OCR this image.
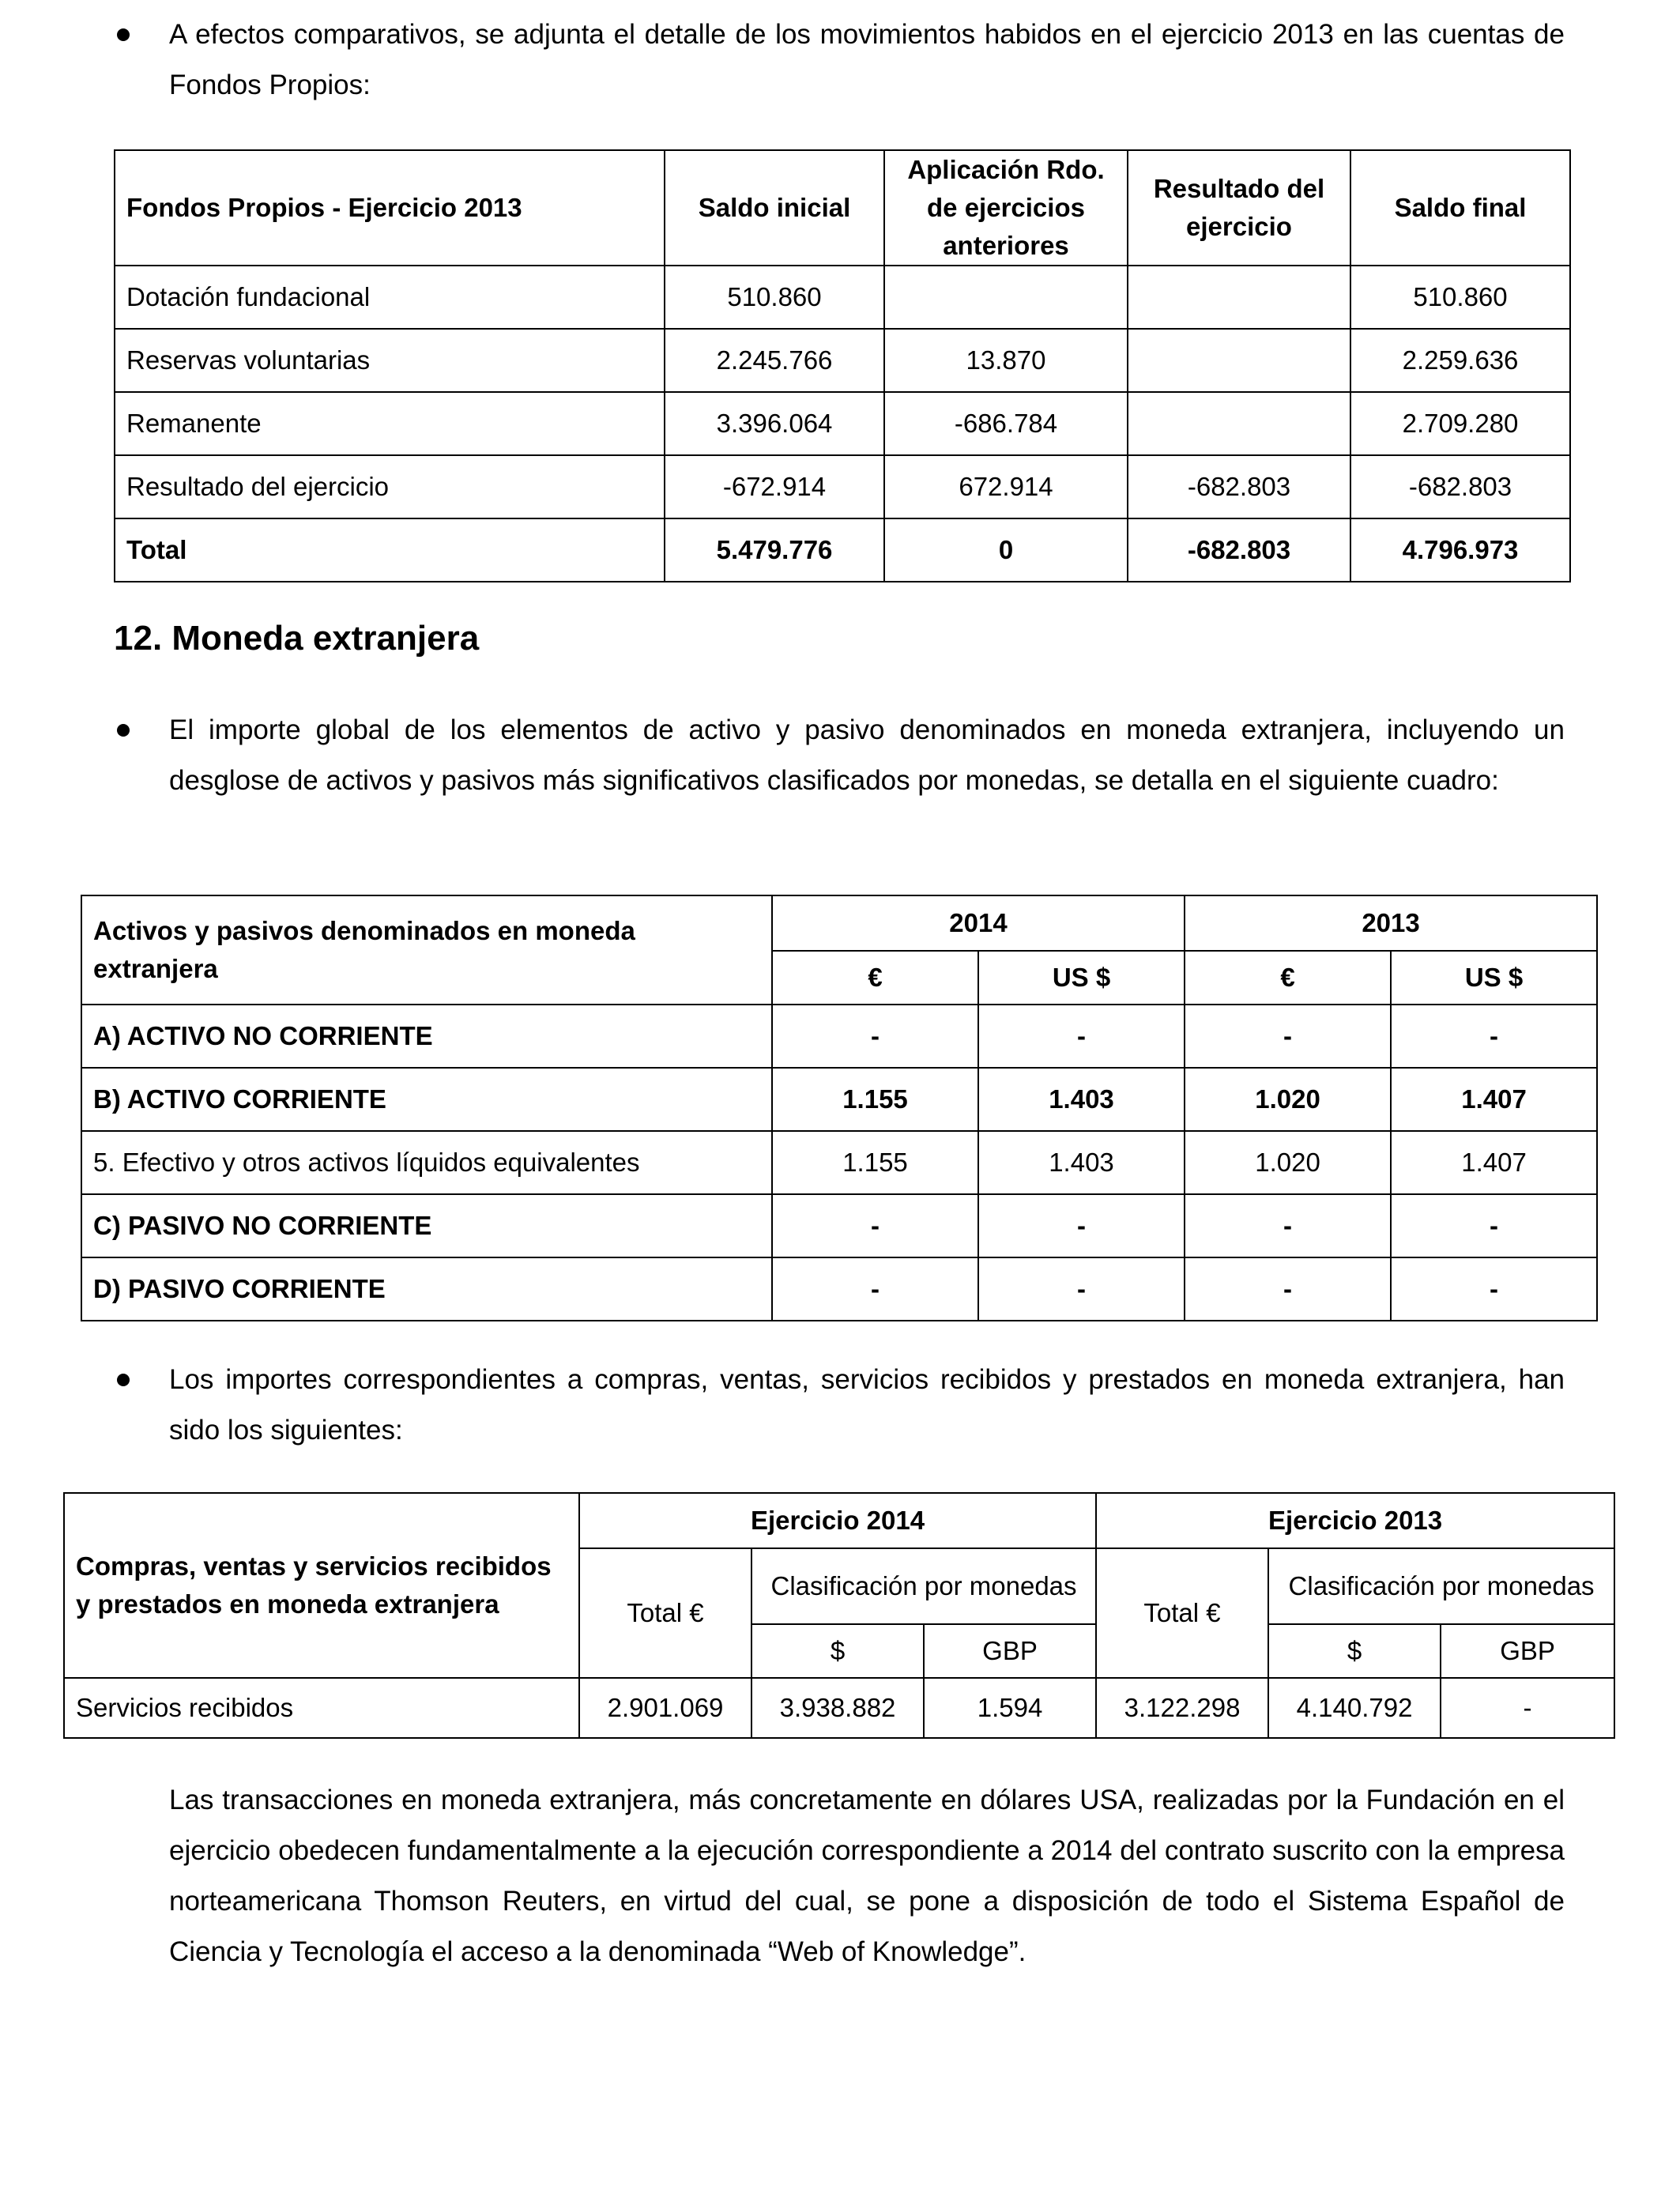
A efectos comparativos, se adjunta el detalle de los movimientos habidos en el ejercicio 2013 en las cuentas de Fondos Propios:

Fondos Propios - Ejercicio 2013	Saldo inicial	Aplicación Rdo. de ejercicios anteriores	Resultado del ejercicio	Saldo final
Dotación fundacional	510.860			510.860
Reservas voluntarias	2.245.766	13.870		2.259.636
Remanente	3.396.064	-686.784		2.709.280
Resultado del ejercicio	-672.914	672.914	-682.803	-682.803
Total	5.479.776	0	-682.803	4.796.973
12. Moneda extranjera

El importe global de los elementos de activo y pasivo denominados en moneda extranjera, incluyendo un desglose de activos y pasivos más significativos clasificados por monedas, se detalla en el siguiente cuadro:

Activos y pasivos denominados en moneda extranjera	2014		2013	
	€	US $	€	US $
A) ACTIVO NO CORRIENTE	-	-	-	-
B) ACTIVO CORRIENTE	1.155	1.403	1.020	1.407
5. Efectivo y otros activos líquidos equivalentes	1.155	1.403	1.020	1.407
C) PASIVO NO CORRIENTE	-	-	-	-
D) PASIVO CORRIENTE	-	-	-	-

Los importes correspondientes a compras, ventas, servicios recibidos y prestados en moneda extranjera, han sido los siguientes:

Compras, ventas y servicios recibidos y prestados en moneda extranjera	Ejercicio 2014			Ejercicio 2013		
	Total €	Clasificación por monedas		Total €	Clasificación por monedas	
		$	GBP		$	GBP
Servicios recibidos	2.901.069	3.938.882	1.594	3.122.298	4.140.792	-

Las transacciones en moneda extranjera, más concretamente en dólares USA, realizadas por la Fundación en el ejercicio obedecen fundamentalmente a la ejecución correspondiente a 2014 del contrato suscrito con la empresa norteamericana Thomson Reuters, en virtud del cual, se pone a disposición de todo el Sistema Español de Ciencia y Tecnología el acceso a la denominada “Web of Knowledge”.
